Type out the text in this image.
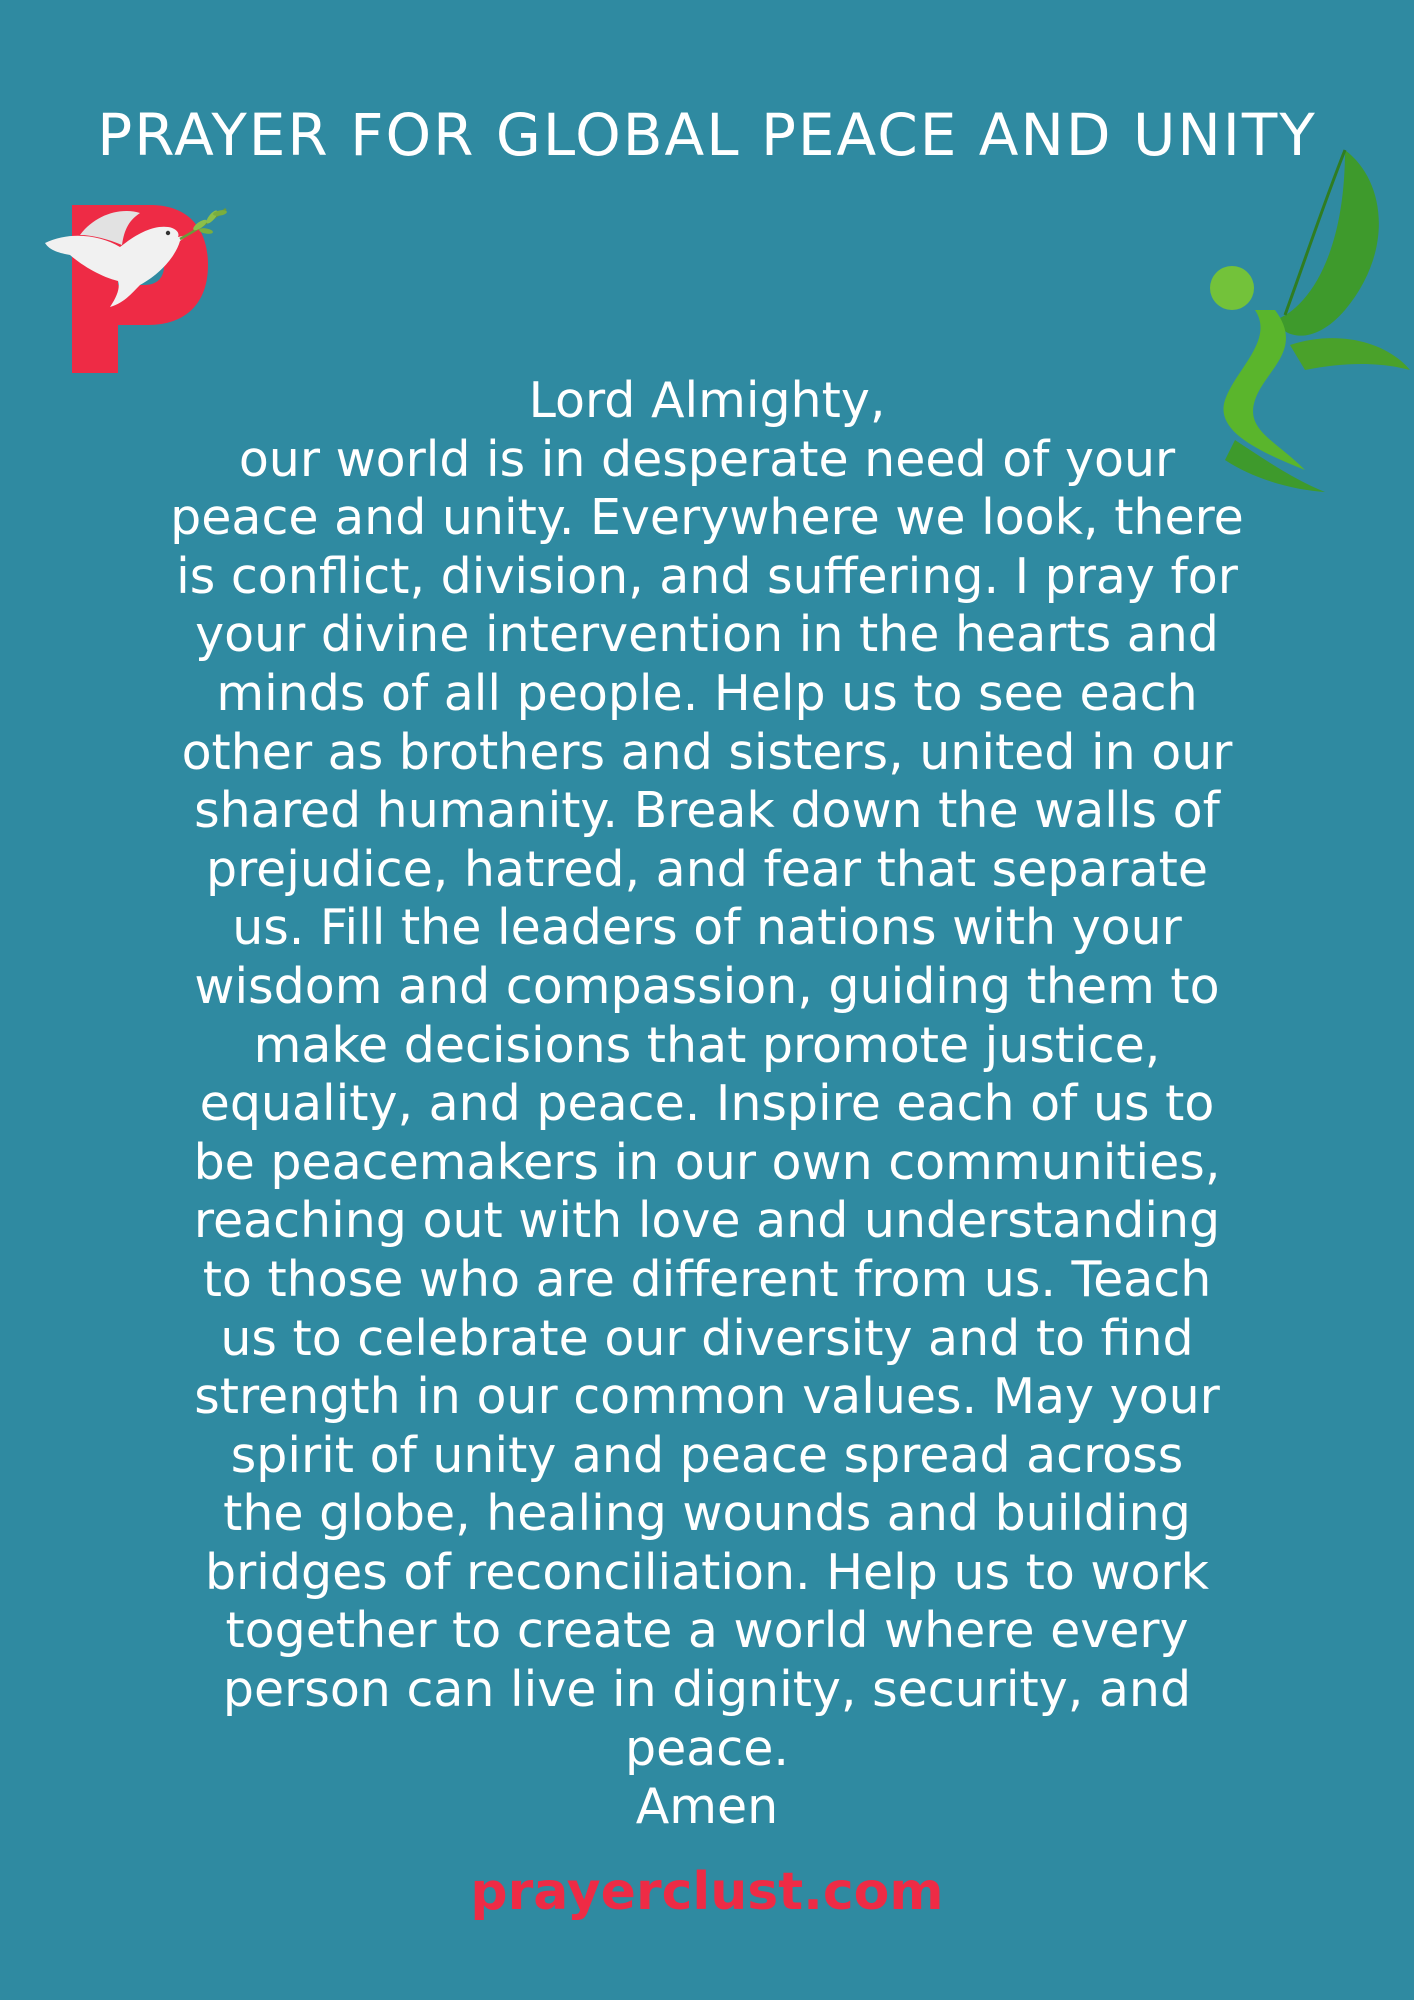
PRAYER FOR GLOBAL PEACE AND UNITY
Lord Almighty,
our world is in desperate need of your
peace and unity. Everywhere we look, there
is conflict, division, and suffering. I pray for
your divine intervention in the hearts and
minds of all people. Help us to see each
other as brothers and sisters, united in our
shared humanity. Break down the walls of
prejudice, hatred, and fear that separate
us. Fill the leaders of nations with your
wisdom and compassion, guiding them to
make decisions that promote justice,
equality, and peace. Inspire each of us to
be peacemakers in our own communities,
reaching out with love and understanding
to those who are different from us. Teach
us to celebrate our diversity and to find
strength in our common values. May your
spirit of unity and peace spread across
the globe, healing wounds and building
bridges of reconciliation. Help us to work
together to create a world where every
person can live in dignity, security, and
peace.
Amen
prayerclust.com
